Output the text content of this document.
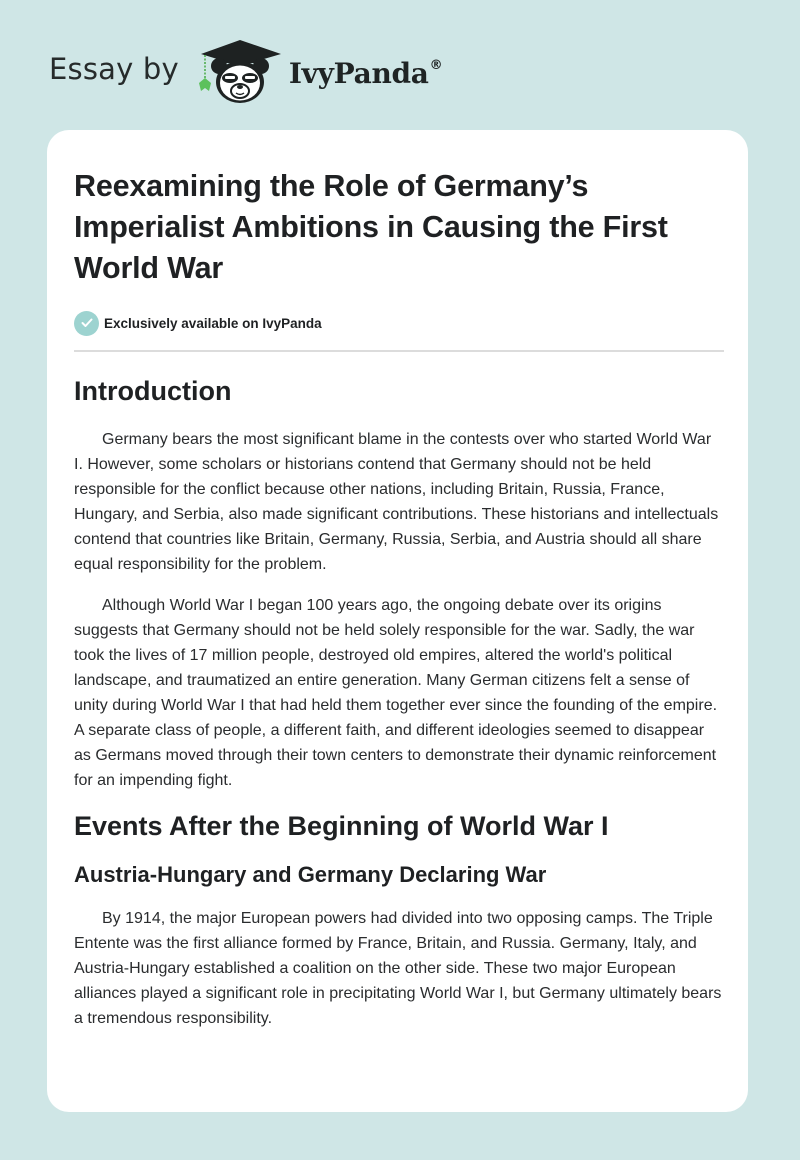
Essay by	IvyPanda®
Reexamining the Role of Germany’s Imperialist Ambitions in Causing the First World War
Exclusively available on IvyPanda
Introduction

Germany bears the most significant blame in the contests over who started World War I. However, some scholars or historians contend that Germany should not be held responsible for the conflict because other nations, including Britain, Russia, France, Hungary, and Serbia, also made significant contributions. These historians and intellectuals contend that countries like Britain, Germany, Russia, Serbia, and Austria should all share equal responsibility for the problem.

Although World War I began 100 years ago, the ongoing debate over its origins suggests that Germany should not be held solely responsible for the war. Sadly, the war took the lives of 17 million people, destroyed old empires, altered the world's political landscape, and traumatized an entire generation. Many German citizens felt a sense of unity during World War I that had held them together ever since the founding of the empire. A separate class of people, a different faith, and different ideologies seemed to disappear as Germans moved through their town centers to demonstrate their dynamic reinforcement for an impending fight.

Events After the Beginning of World War I
Austria-Hungary and Germany Declaring War

By 1914, the major European powers had divided into two opposing camps. The Triple Entente was the first alliance formed by France, Britain, and Russia. Germany, Italy, and Austria-Hungary established a coalition on the other side. These two major European alliances played a significant role in precipitating World War I, but Germany ultimately bears a tremendous responsibility.
